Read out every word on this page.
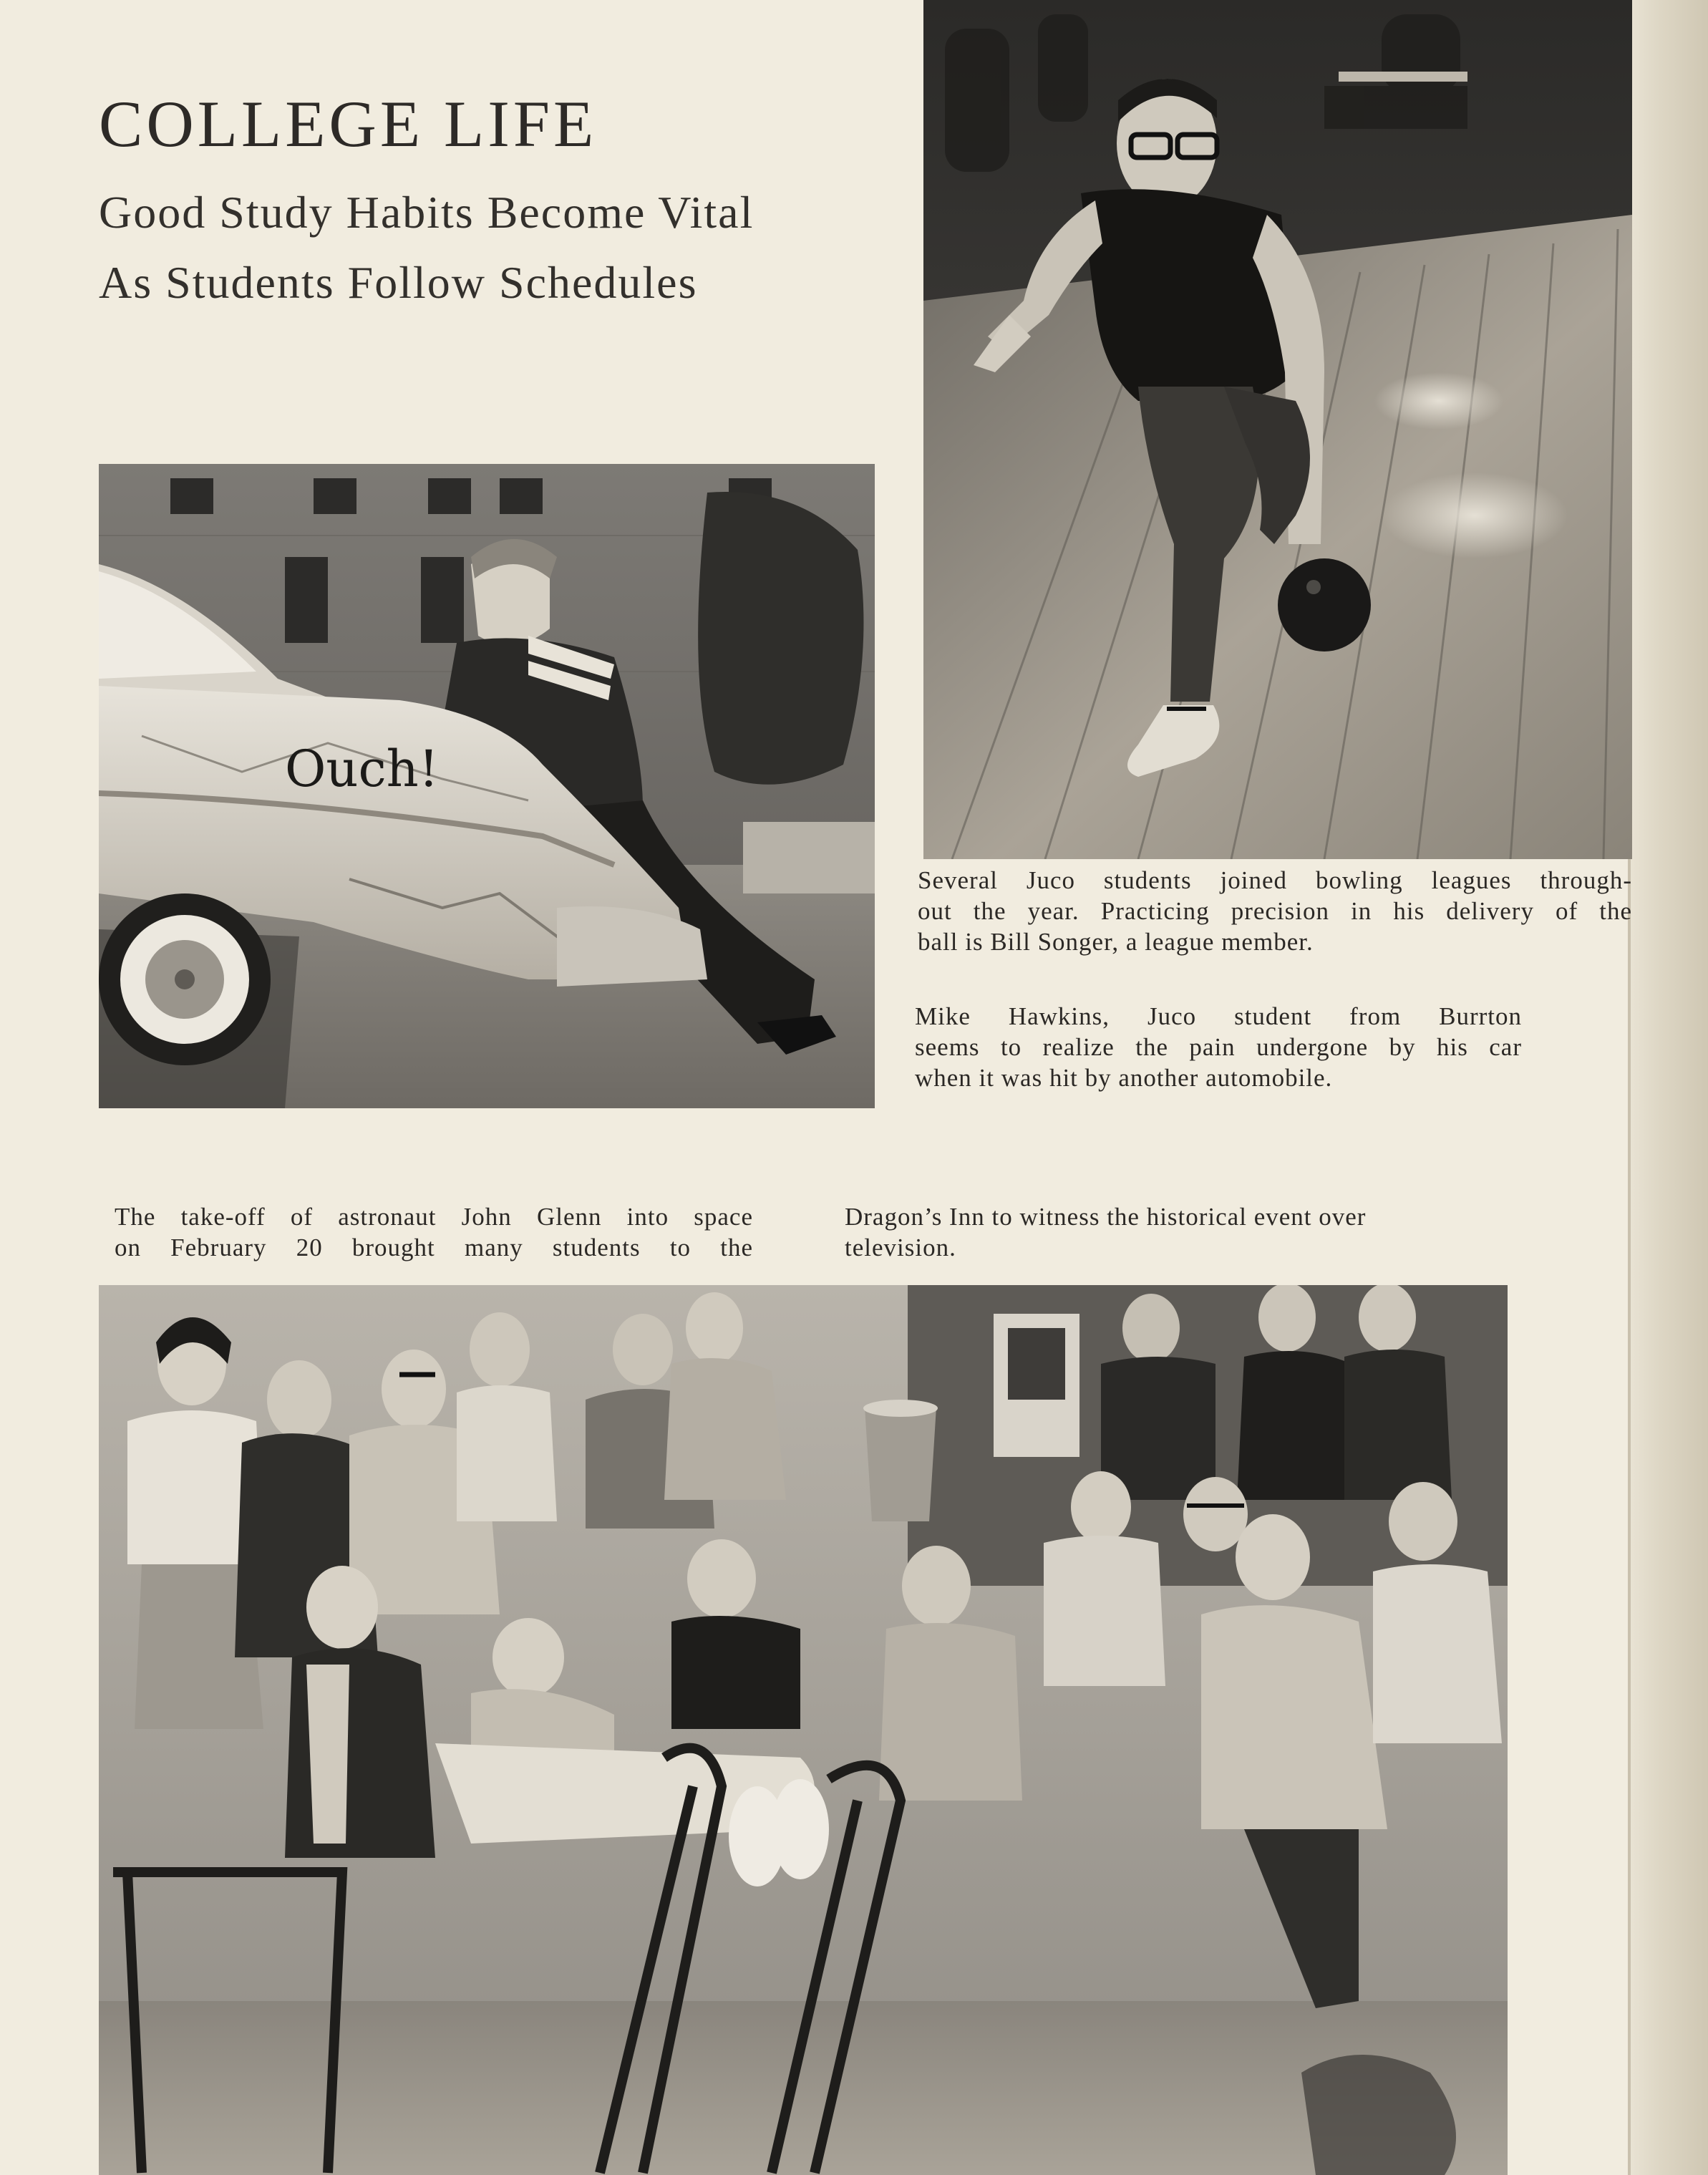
COLLEGE LIFE
Good Study Habits Become Vital
As Students Follow Schedules
Ouch!

Several Juco students joined bowling leagues through-
out the year. Practicing precision in his delivery of the
ball is Bill Songer, a league member.

Mike Hawkins, Juco student from Burrton
seems to realize the pain undergone by his car
when it was hit by another automobile.

The take-off of astronaut John Glenn into space
on February 20 brought many students to the

Dragon’s Inn to witness the historical event over
television.
